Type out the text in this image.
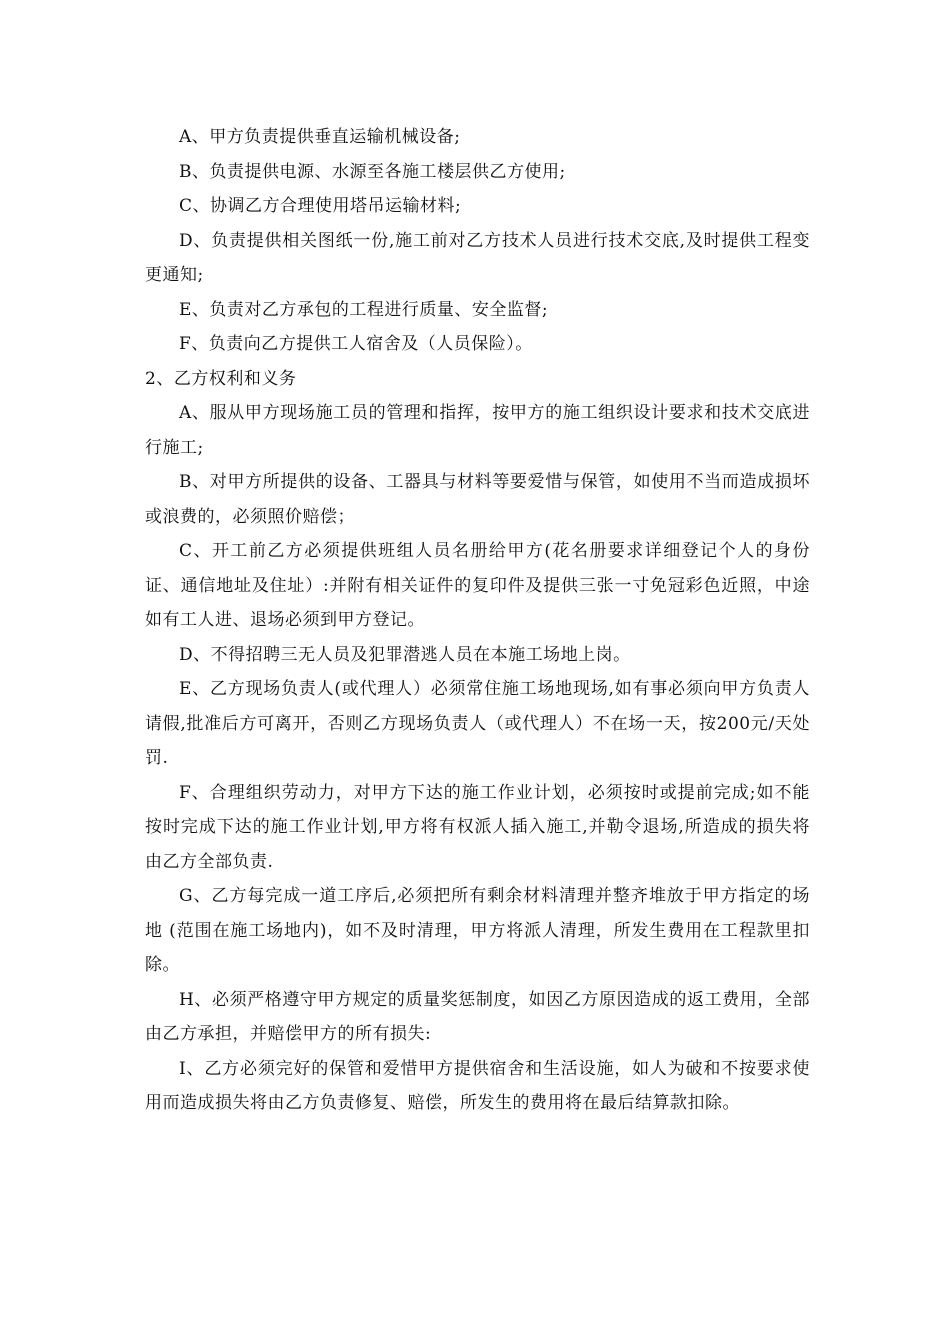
A、甲方负责提供垂直运输机械设备;

B、负责提供电源、水源至各施工楼层供乙方使用;

C、协调乙方合理使用塔吊运输材料;

D、负责提供相关图纸一份,施工前对乙方技术人员进行技术交底,及时提供工程变更通知;

E、负责对乙方承包的工程进行质量、安全监督;

F、负责向乙方提供工人宿舍及（人员保险）。

2、乙方权利和义务

A、服从甲方现场施工员的管理和指挥，按甲方的施工组织设计要求和技术交底进行施工;

B、对甲方所提供的设备、工器具与材料等要爱惜与保管，如使用不当而造成损坏或浪费的，必须照价赔偿；

C、开工前乙方必须提供班组人员名册给甲方(花名册要求详细登记个人的身份证、通信地址及住址）:并附有相关证件的复印件及提供三张一寸免冠彩色近照，中途如有工人进、退场必须到甲方登记。

D、不得招聘三无人员及犯罪潜逃人员在本施工场地上岗。

E、乙方现场负责人(或代理人）必须常住施工场地现场,如有事必须向甲方负责人请假,批准后方可离开，否则乙方现场负责人（或代理人）不在场一天，按200元/天处罚.

F、合理组织劳动力，对甲方下达的施工作业计划，必须按时或提前完成;如不能按时完成下达的施工作业计划,甲方将有权派人插入施工,并勒令退场,所造成的损失将由乙方全部负责.

G、乙方每完成一道工序后,必须把所有剩余材料清理并整齐堆放于甲方指定的场地 (范围在施工场地内)，如不及时清理，甲方将派人清理，所发生费用在工程款里扣除。

H、必须严格遵守甲方规定的质量奖惩制度，如因乙方原因造成的返工费用，全部由乙方承担，并赔偿甲方的所有损失:

I、乙方必须完好的保管和爱惜甲方提供宿舍和生活设施，如人为破和不按要求使用而造成损失将由乙方负责修复、赔偿，所发生的费用将在最后结算款扣除。
